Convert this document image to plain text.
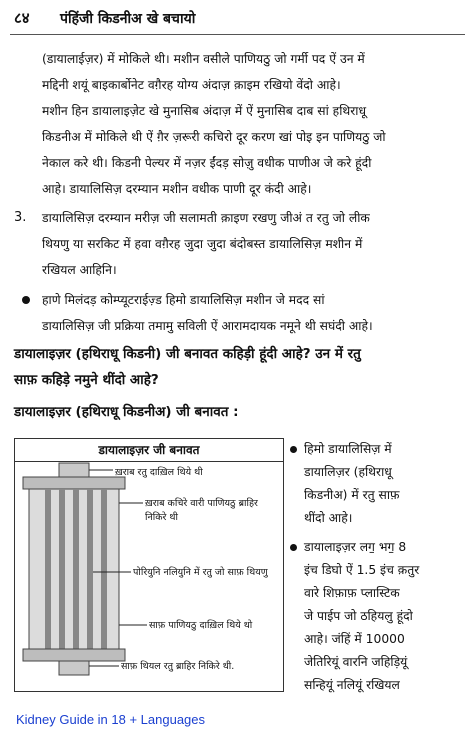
८४ पंहिंजी किडनीअ खे बचायो

(डायालाईज़र) में मोकिले थी। मशीन वसीले पाणियठु जो गर्मी पद ऐं उन में

मद्दिनी शयूं बाइकार्बोनेट वग़ैरह योग्य अंदाज़ क़ाइम रखियो वेंदो आहे।

मशीन हिन डायालाइज़ेट खे मुनासिब अंदाज़ में ऐं मुनासिब दाब सां हथिराधू

किडनीअ में मोकिले थी ऐं ग़ैर ज़रूरी कचिरो दूर करण खां पोइ इन पाणियठु जो

नेकाल करे थी। किडनी पेल्यर में नज़र ईंदड़ सोज़ु वधीक पाणीअ जे करे हूंदी

आहे। डायालिसिज़ दरम्यान मशीन वधीक पाणी दूर कंदी आहे।

3. डायालिसिज़ दरम्यान मरीज़ जी सलामती क़ाइण रखणु जीअं त रतु जो लीक

थियणु या सरकिट में हवा वग़ैरह जुदा जुदा बंदोबस्त डायालिसिज़ मशीन में

रखियल आहिनि।

हाणे मिलंदड़ कोम्प्यूटराईज़्ड हिमो डायालिसिज़ मशीन जे मदद सां

डायालिसिज़ जी प्रक्रिया तमामु सविली ऐं आरामदायक नमूने थी सघंदी आहे।

डायालाइज़र (हथिराधू किडनी) जी बनावत कहिड़ी हूंदी आहे? उन में रतु

साफ़ कहिड़े नमुने थींदो आहे?

डायालाइज़र (हथिराधू किडनीअ) जी बनावत :
डायालाइज़र जी बनावत
ख़राब रतु दाख़िल थिये थी
ख़राब कचिरे वारी पाणियठु ब्राहिर
निकिरे थी
पोरियुनि नलियुनि में रतु जो साफ़ थियणु
साफ़ पाणियठु दाख़िल थिये थो
साफ़ थियल रतु ब्राहिर निकिरे थी.

हिमो डायालिसिज़ में

डायालिज़र (हथिराधू

किडनीअ) में रतु साफ़

थींदो आहे।

डायालाइज़र लग॒ भग॒ 8

इंच डिघो ऐं 1.5 इंच क़तुर

वारे शिफ़ाफ़ प्लास्टिक

जे पाईप जो ठहियलु हूंदो

आहे। जंहिं में 10000

जेतिरियूं वारनि जहिड़ियूं

सन्हियूं नलियूं रखियल

Kidney Guide in 18 + Languages
